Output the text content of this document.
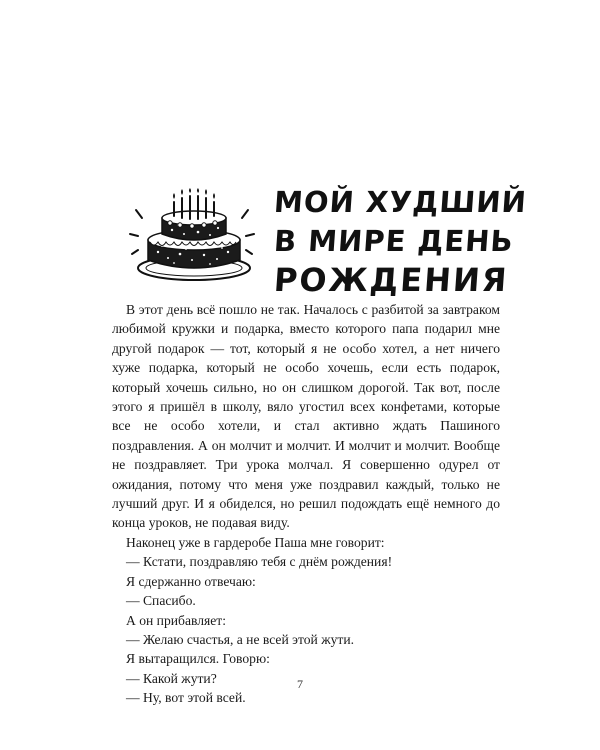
МОЙ ХУДШИЙ
В МИРЕ ДЕНЬ
РОЖДЕНИЯ

В этот день всё пошло не так. Началось с разбитой за завтраком любимой кружки и подарка, вместо которого папа подарил мне другой подарок — тот, который я не особо хотел, а нет ничего хуже подарка, который не особо хочешь, если есть подарок, который хочешь сильно, но он слишком дорогой. Так вот, после этого я пришёл в школу, вяло угостил всех конфетами, которые все не особо хотели, и стал активно ждать Пашиного поздравления. А он молчит и молчит. И молчит и молчит. Вообще не поздравляет. Три урока молчал. Я совершенно одурел от ожидания, потому что меня уже поздравил каждый, только не лучший друг. И я обиделся, но решил подождать ещё немного до конца уроков, не подавая виду.

Наконец уже в гардеробе Паша мне говорит:

— Кстати, поздравляю тебя с днём рождения!

Я сдержанно отвечаю:

— Спасибо.

А он прибавляет:

— Желаю счастья, а не всей этой жути.

Я вытаращился. Говорю:

— Какой жути?

— Ну, вот этой всей.

7
